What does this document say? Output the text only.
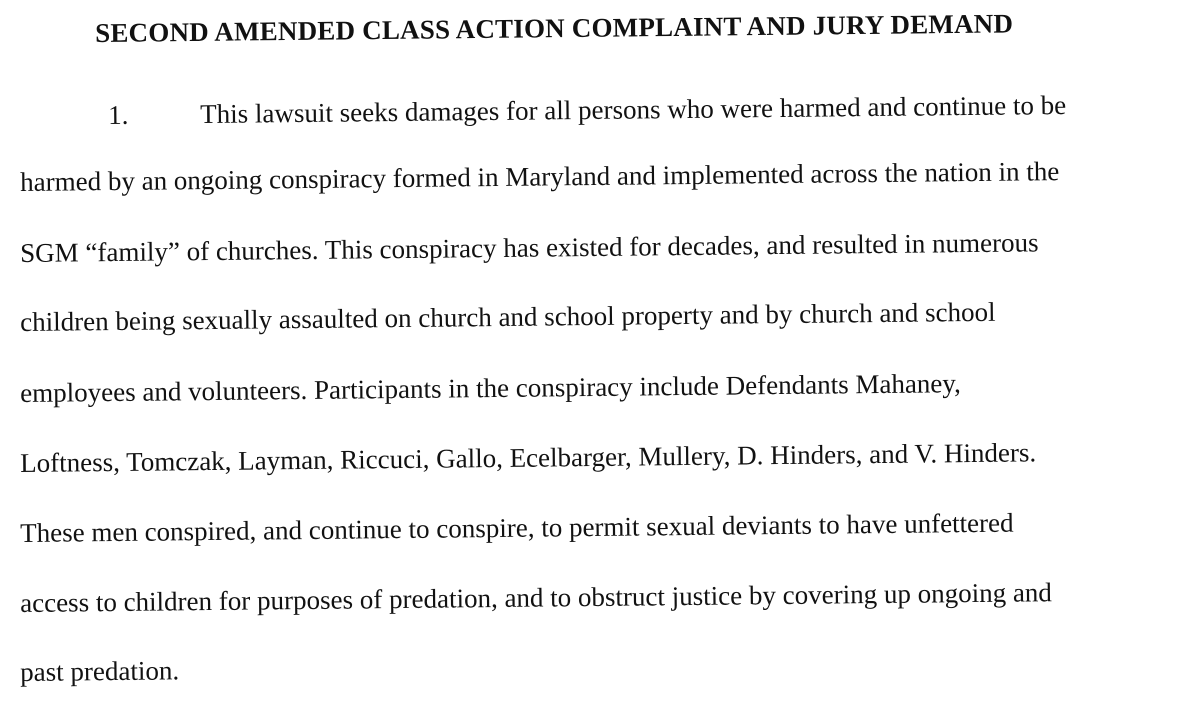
SECOND AMENDED CLASS ACTION COMPLAINT AND JURY DEMAND
1.	This lawsuit seeks damages for all persons who were harmed and continue to be
harmed by an ongoing conspiracy formed in Maryland and implemented across the nation in the
SGM “family” of churches. This conspiracy has existed for decades, and resulted in numerous
children being sexually assaulted on church and school property and by church and school
employees and volunteers. Participants in the conspiracy include Defendants Mahaney,
Loftness, Tomczak, Layman, Riccuci, Gallo, Ecelbarger, Mullery, D. Hinders, and V. Hinders.
These men conspired, and continue to conspire, to permit sexual deviants to have unfettered
access to children for purposes of predation, and to obstruct justice by covering up ongoing and
past predation.
